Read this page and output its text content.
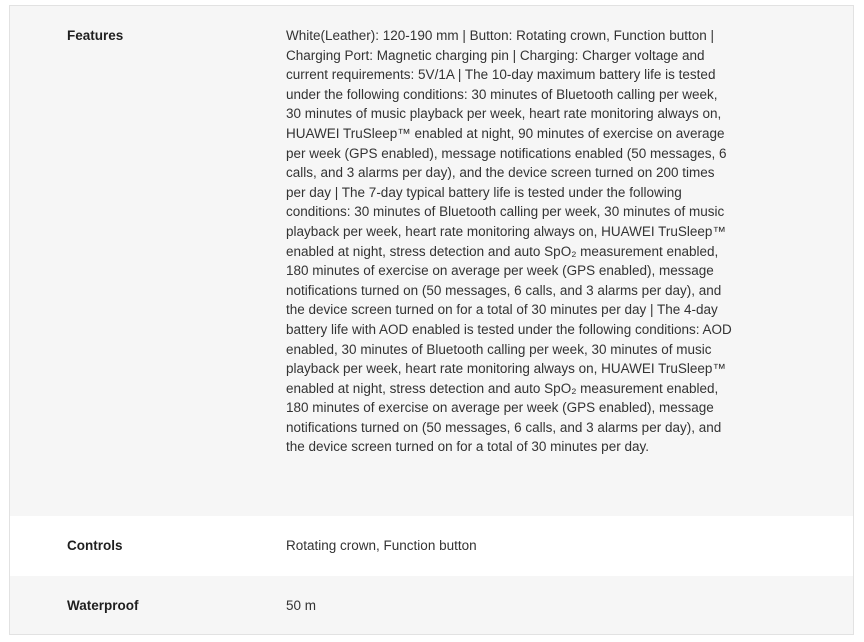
Features	White(Leather): 120-190 mm | Button: Rotating crown, Function button | Charging Port: Magnetic charging pin | Charging: Charger voltage and current requirements: 5V/1A | The 10-day maximum battery life is tested under the following conditions: 30 minutes of Bluetooth calling per week, 30 minutes of music playback per week, heart rate monitoring always on, HUAWEI TruSleep™ enabled at night, 90 minutes of exercise on average per week (GPS enabled), message notifications enabled (50 messages, 6 calls, and 3 alarms per day), and the device screen turned on 200 times per day | The 7-day typical battery life is tested under the following conditions: 30 minutes of Bluetooth calling per week, 30 minutes of music playback per week, heart rate monitoring always on, HUAWEI TruSleep™ enabled at night, stress detection and auto SpO₂ measurement enabled, 180 minutes of exercise on average per week (GPS enabled), message notifications turned on (50 messages, 6 calls, and 3 alarms per day), and the device screen turned on for a total of 30 minutes per day | The 4-day battery life with AOD enabled is tested under the following conditions: AOD enabled, 30 minutes of Bluetooth calling per week, 30 minutes of music playback per week, heart rate monitoring always on, HUAWEI TruSleep™ enabled at night, stress detection and auto SpO₂ measurement enabled, 180 minutes of exercise on average per week (GPS enabled), message notifications turned on (50 messages, 6 calls, and 3 alarms per day), and the device screen turned on for a total of 30 minutes per day.
Controls	Rotating crown, Function button
Waterproof	50 m
